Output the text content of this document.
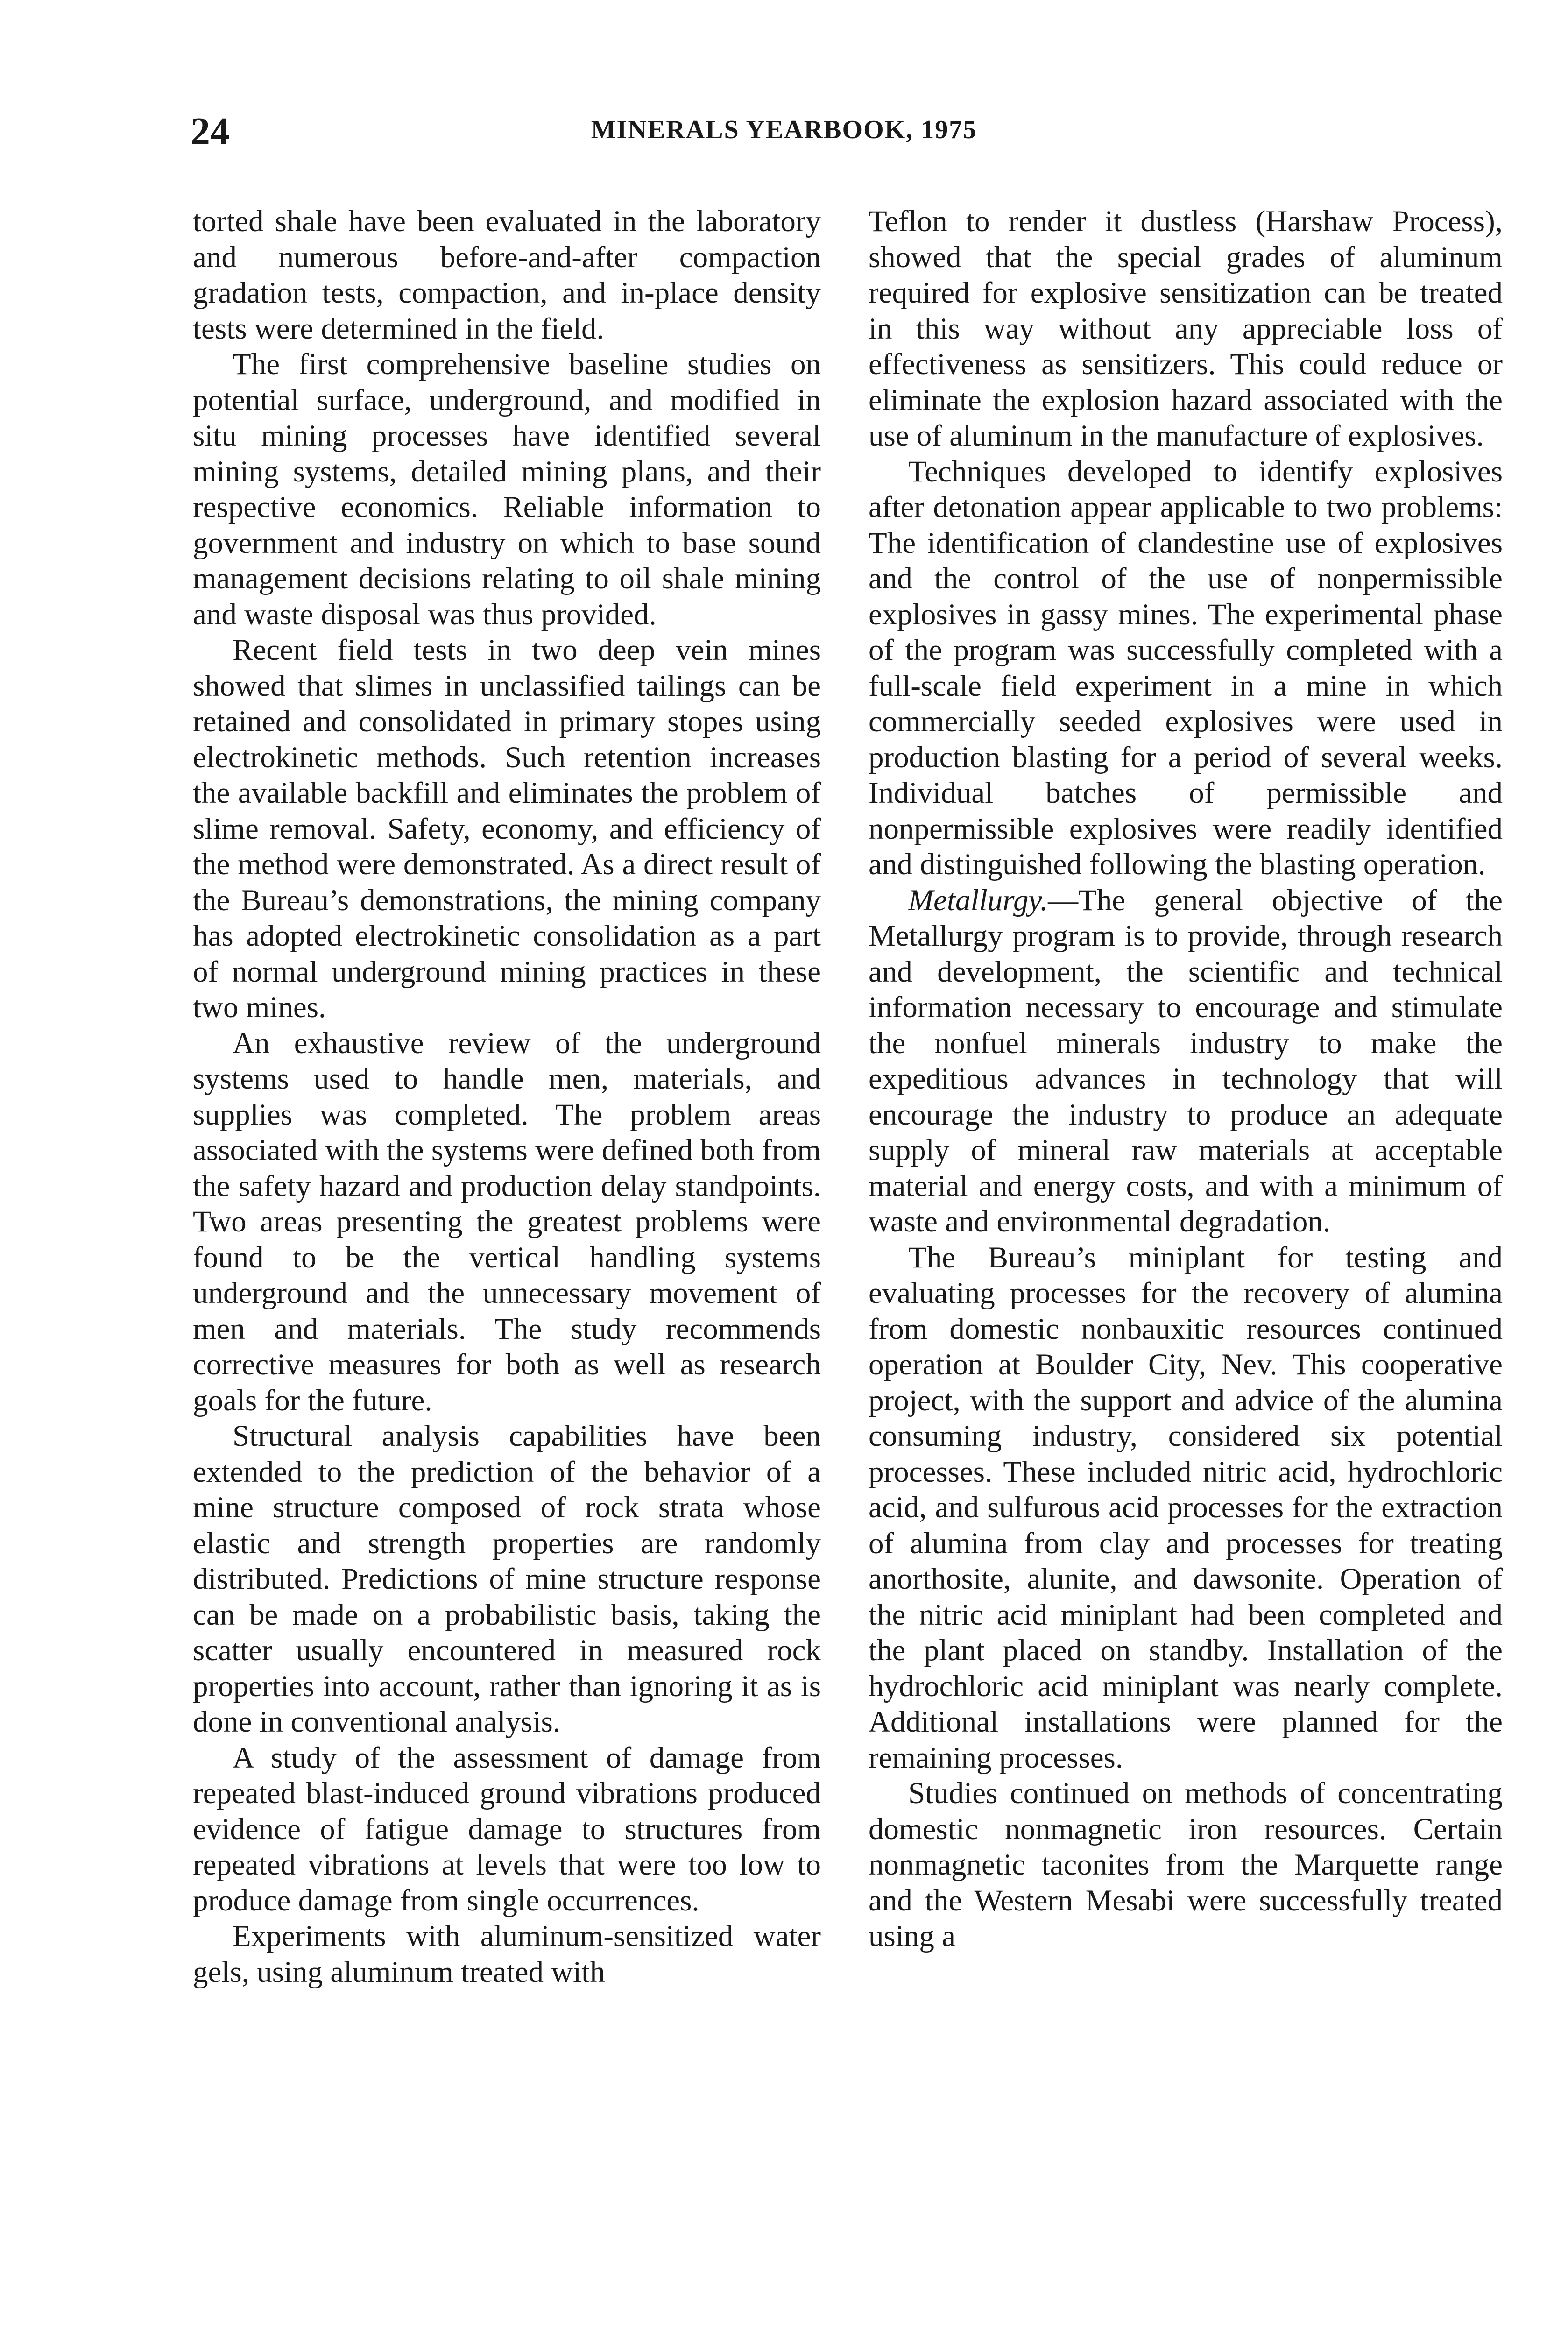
24	MINERALS YEARBOOK, 1975

torted shale have been evaluated in the laboratory and numerous before-and-after compaction gradation tests, compaction, and in-place density tests were determined in the field.

The first comprehensive baseline studies on potential surface, underground, and modified in situ mining processes have identified several mining systems, detailed mining plans, and their respective economics. Reliable information to government and industry on which to base sound management decisions relating to oil shale mining and waste disposal was thus provided.

Recent field tests in two deep vein mines showed that slimes in unclassified tailings can be retained and consolidated in primary stopes using electrokinetic methods. Such retention increases the available backfill and eliminates the problem of slime removal. Safety, economy, and efficiency of the method were demonstrated. As a direct result of the Bureau’s demonstrations, the mining company has adopted electrokinetic consolidation as a part of normal underground mining practices in these two mines.

An exhaustive review of the underground systems used to handle men, materials, and supplies was completed. The problem areas associated with the systems were defined both from the safety hazard and production delay standpoints. Two areas presenting the greatest problems were found to be the vertical handling systems underground and the unnecessary movement of men and materials. The study recommends corrective measures for both as well as research goals for the future.

Structural analysis capabilities have been extended to the prediction of the behavior of a mine structure composed of rock strata whose elastic and strength properties are randomly distributed. Predictions of mine structure response can be made on a probabilistic basis, taking the scatter usually encountered in measured rock properties into account, rather than ignoring it as is done in conventional analysis.

A study of the assessment of damage from repeated blast-induced ground vibrations produced evidence of fatigue damage to structures from repeated vibrations at levels that were too low to produce damage from single occurrences.

Experiments with aluminum-sensitized water gels, using aluminum treated with

Teflon to render it dustless (Harshaw Process), showed that the special grades of aluminum required for explosive sensitization can be treated in this way without any appreciable loss of effectiveness as sensitizers. This could reduce or eliminate the explosion hazard associated with the use of aluminum in the manufacture of explosives.

Techniques developed to identify explosives after detonation appear applicable to two problems: The identification of clandestine use of explosives and the control of the use of nonpermissible explosives in gassy mines. The experimental phase of the program was successfully completed with a full-scale field experiment in a mine in which commercially seeded explosives were used in production blasting for a period of several weeks. Individual batches of permissible and nonpermissible explosives were readily identified and distinguished following the blasting operation.

Metallurgy.—The general objective of the Metallurgy program is to provide, through research and development, the scientific and technical information necessary to encourage and stimulate the nonfuel minerals industry to make the expeditious advances in technology that will encourage the industry to produce an adequate supply of mineral raw materials at acceptable material and energy costs, and with a minimum of waste and environmental degradation.

The Bureau’s miniplant for testing and evaluating processes for the recovery of alumina from domestic nonbauxitic resources continued operation at Boulder City, Nev. This cooperative project, with the support and advice of the alumina consuming industry, considered six potential processes. These included nitric acid, hydrochloric acid, and sulfurous acid processes for the extraction of alumina from clay and processes for treating anorthosite, alunite, and dawsonite. Operation of the nitric acid miniplant had been completed and the plant placed on standby. Installation of the hydrochloric acid miniplant was nearly complete. Additional installations were planned for the remaining processes.

Studies continued on methods of concentrating domestic nonmagnetic iron resources. Certain nonmagnetic taconites from the Marquette range and the Western Mesabi were successfully treated using a
